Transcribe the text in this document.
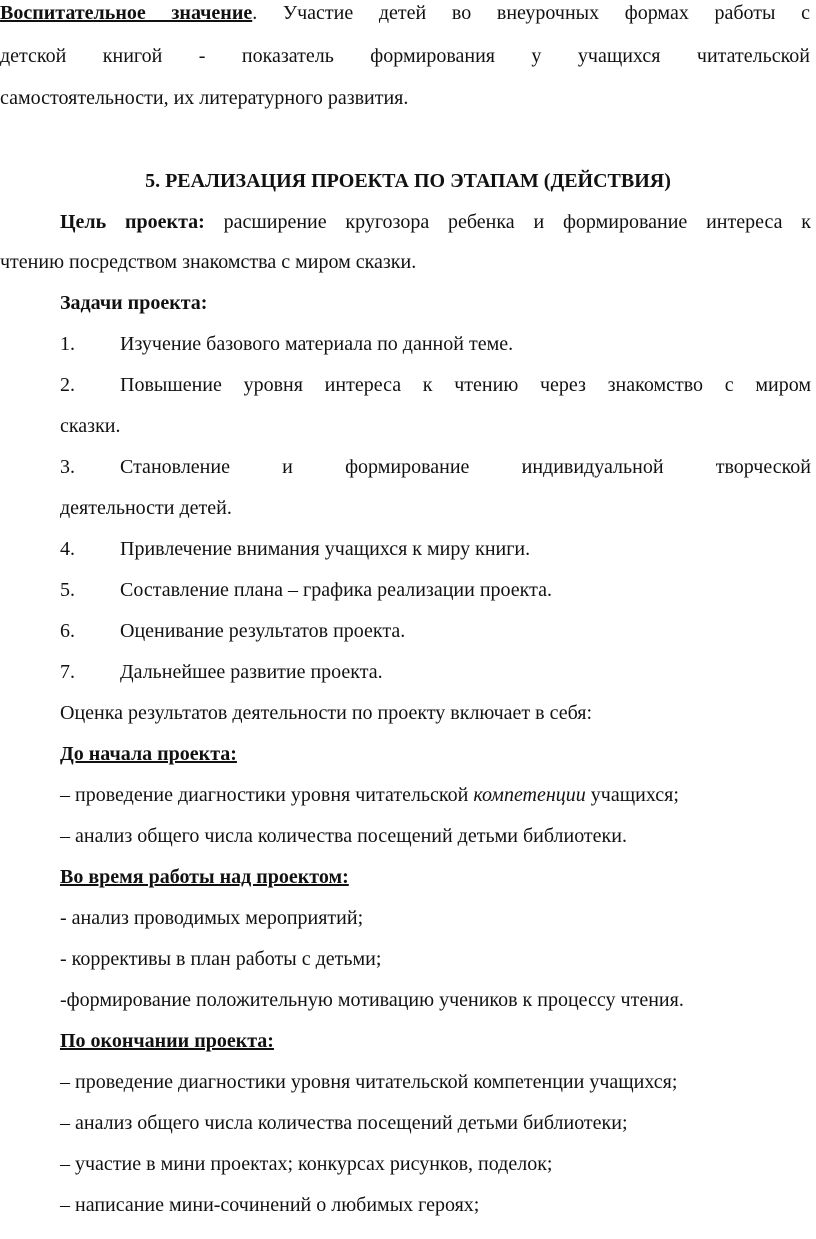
Воспитательное значение. Участие детей во внеурочных формах работы с
детской книгой - показатель формирования у учащихся читательской
самостоятельности, их литературного развития.
5. РЕАЛИЗАЦИЯ ПРОЕКТА ПО ЭТАПАМ (ДЕЙСТВИЯ)
Цель проекта: расширение кругозора ребенка и формирование интереса к
чтению посредством знакомства с миром сказки.
Задачи проекта:
1. Изучение базового материала по данной теме.
2. Повышение уровня интереса к чтению через знакомство с миром
сказки.
3. Становление и формирование индивидуальной творческой
деятельности детей.
4. Привлечение внимания учащихся к миру книги.
5. Составление плана – графика реализации проекта.
6. Оценивание результатов проекта.
7. Дальнейшее развитие проекта.
Оценка результатов деятельности по проекту включает в себя:
До начала проекта:
– проведение диагностики уровня читательской компетенции учащихся;
– анализ общего числа количества посещений детьми библиотеки.
Во время работы над проектом:
- анализ проводимых мероприятий;
- коррективы в план работы с детьми;
-формирование положительную мотивацию учеников к процессу чтения.
По окончании проекта:
– проведение диагностики уровня читательской компетенции учащихся;
– анализ общего числа количества посещений детьми библиотеки;
– участие в мини проектах; конкурсах рисунков, поделок;
– написание мини-сочинений о любимых героях;
